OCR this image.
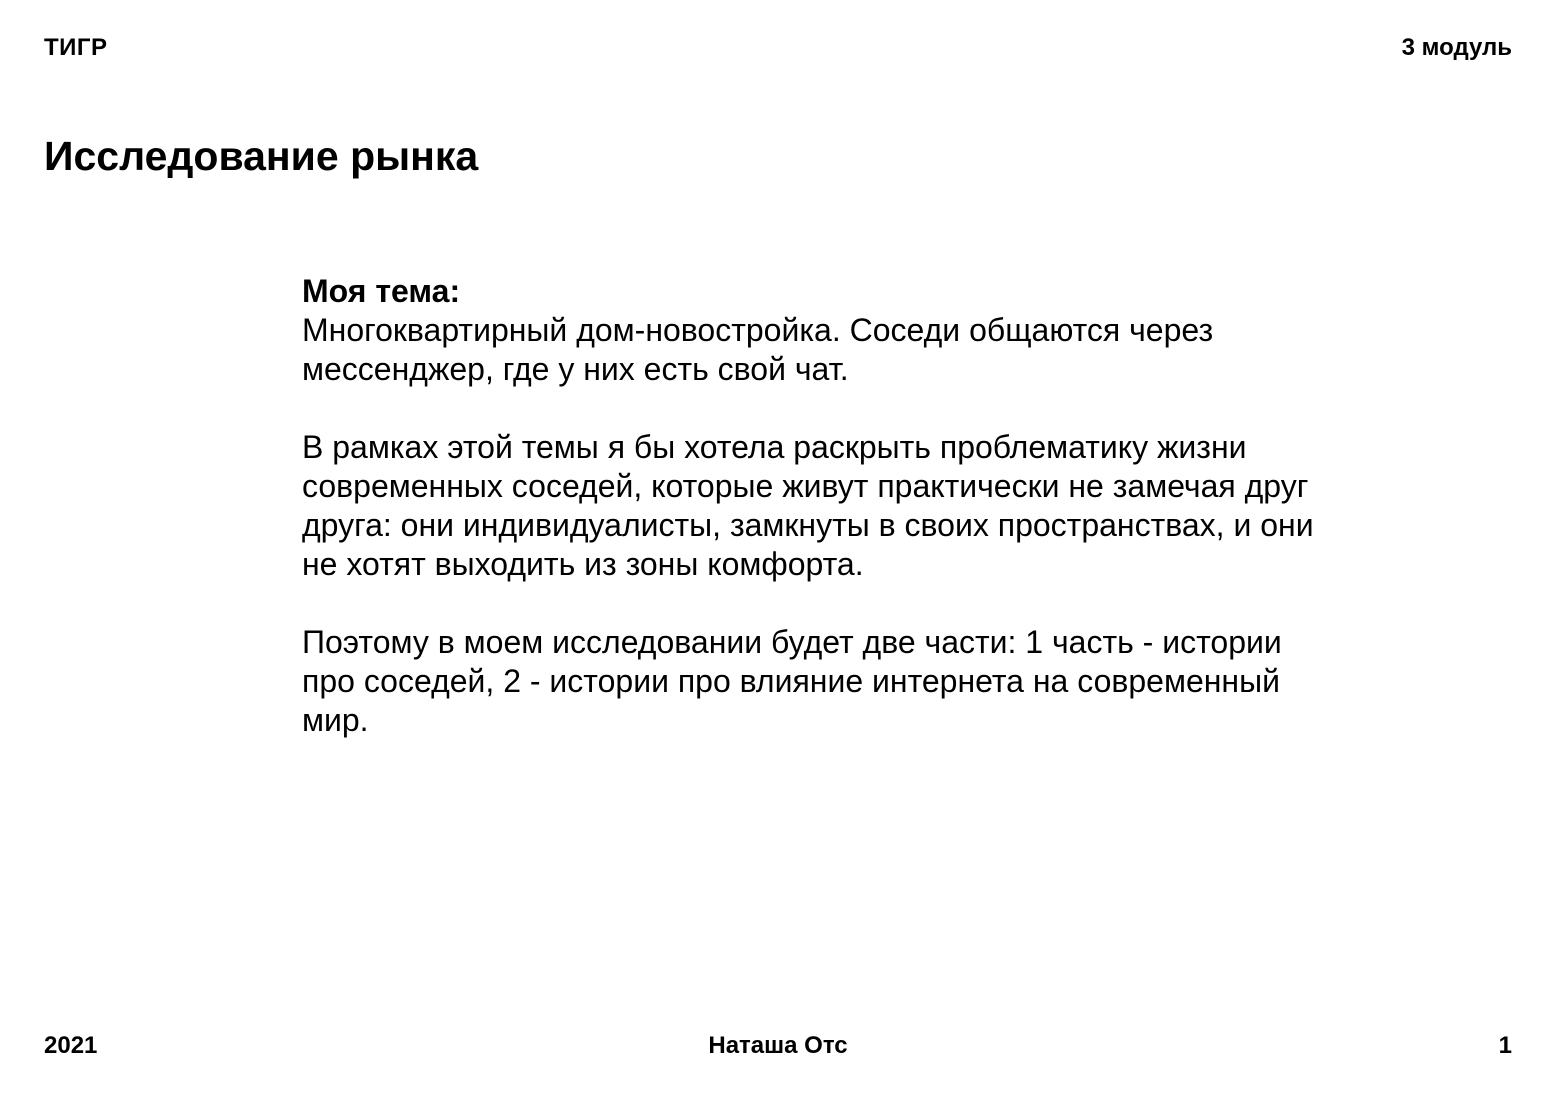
ТИГР	3 модуль
Исследование рынка
Моя тема:

Многоквартирный дом-новостройка. Соседи общаются через мессенджер, где у них есть свой чат.

В рамках этой темы я бы хотела раскрыть проблематику жизни современных соседей, которые живут практически не замечая друг друга: они индивидуалисты, замкнуты в своих пространствах, и они не хотят выходить из зоны комфорта.

Поэтому в моем исследовании будет две части: 1 часть - истории про соседей, 2 - истории про влияние интернета на современный мир.

2021	Наташа Отс	1
